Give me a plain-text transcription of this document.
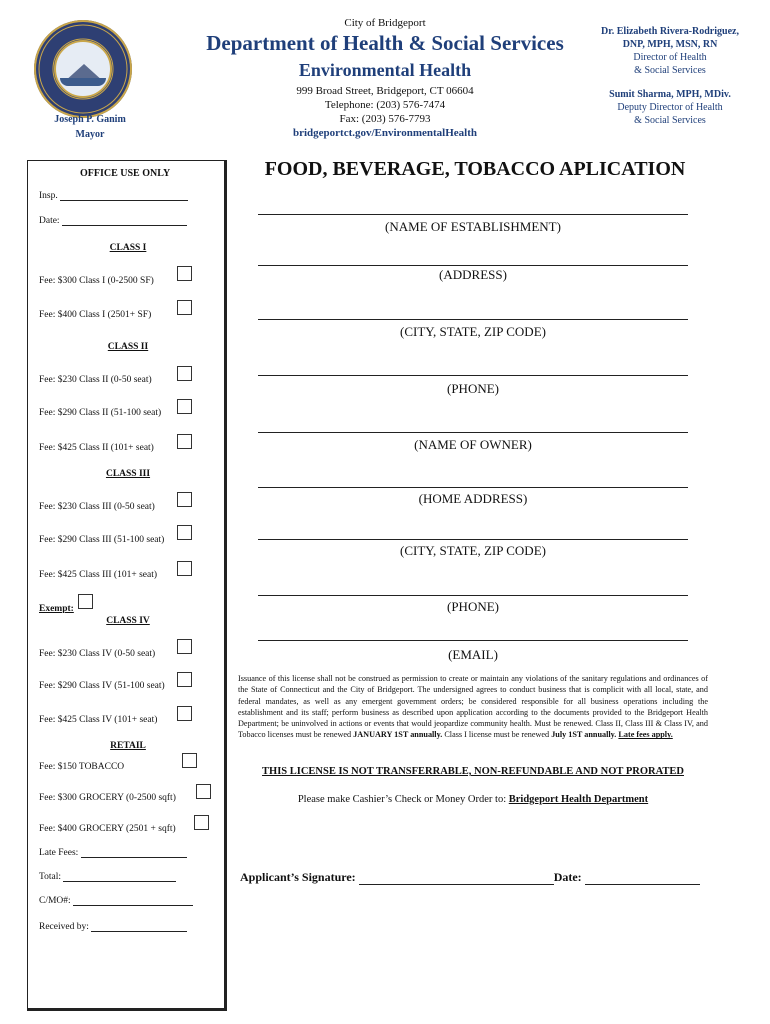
Joseph P. Ganim
Mayor
City of Bridgeport
Department of Health & Social Services
Environmental Health
999 Broad Street, Bridgeport, CT 06604
Telephone: (203) 576-7474
Fax: (203) 576-7793
bridgeportct.gov/EnvironmentalHealth
Dr. Elizabeth Rivera-Rodriguez,
DNP, MPH, MSN, RN
Director of Health
& Social Services
Sumit Sharma, MPH, MDiv.
Deputy Director of Health
& Social Services
OFFICE USE ONLY
Insp.
Date:
CLASS I
Fee: $300 Class I (0-2500 SF)
Fee: $400 Class I (2501+ SF)
CLASS II
Fee: $230 Class II (0-50 seat)
Fee: $290 Class II (51-100 seat)
Fee: $425 Class II (101+ seat)
CLASS III
Fee: $230 Class III (0-50 seat)
Fee: $290 Class III (51-100 seat)
Fee: $425 Class III (101+ seat)
Exempt:
CLASS IV
Fee: $230 Class IV (0-50 seat)
Fee: $290 Class IV (51-100 seat)
Fee: $425 Class IV (101+ seat)
RETAIL
Fee: $150 TOBACCO
Fee: $300 GROCERY (0-2500 sqft)
Fee: $400 GROCERY (2501 + sqft)
Late Fees:
Total:
C/MO#:
Received by:
FOOD, BEVERAGE, TOBACCO APLICATION
(NAME OF ESTABLISHMENT)
(ADDRESS)
(CITY, STATE, ZIP CODE)
(PHONE)
(NAME OF OWNER)
(HOME ADDRESS)
(CITY, STATE, ZIP CODE)
(PHONE)
(EMAIL)
Issuance of this license shall not be construed as permission to create or maintain any violations of the sanitary regulations and ordinances of the State of Connecticut and the City of Bridgeport. The undersigned agrees to conduct business that is complicit with all local, state, and federal mandates, as well as any emergent government orders; be considered responsible for all business operations including the establishment and its staff; perform business as described upon application according to the documents provided to the Bridgeport Health Department; be uninvolved in actions or events that would jeopardize community health. Must be renewed. Class II, Class III & Class IV, and Tobacco licenses must be renewed JANUARY 1ST annually. Class I license must be renewed July 1ST annually. Late fees apply.
THIS LICENSE IS NOT TRANSFERRABLE, NON-REFUNDABLE AND NOT PRORATED
Please make Cashier’s Check or Money Order to: Bridgeport Health Department
Applicant’s Signature:	Date:
